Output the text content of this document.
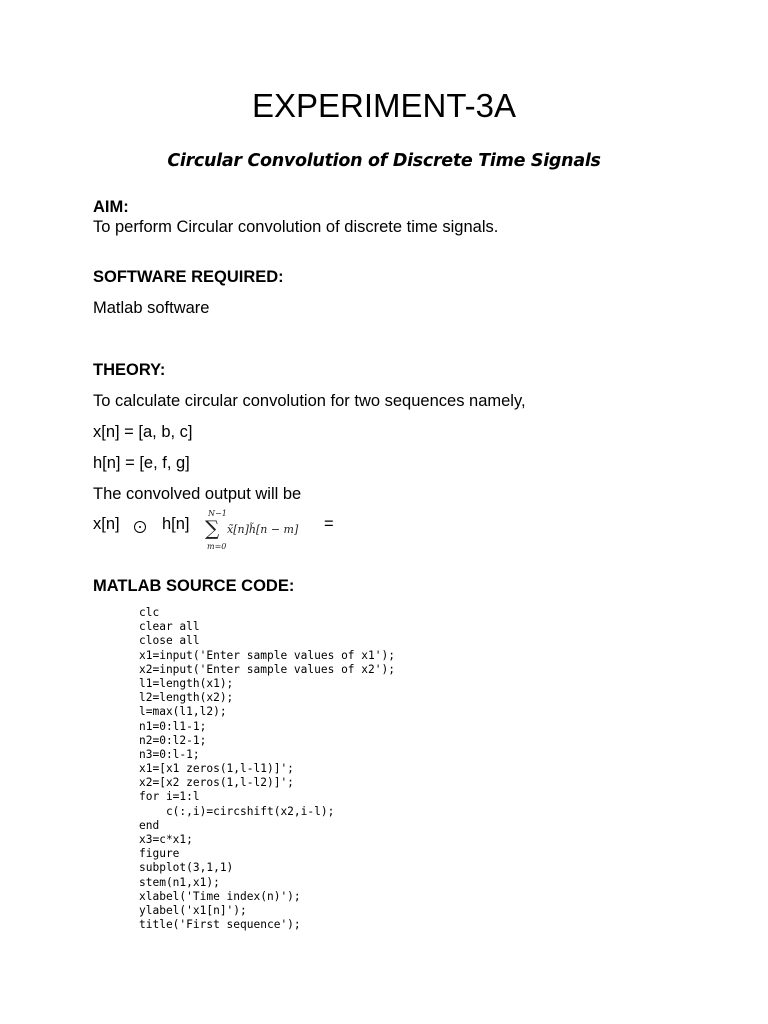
EXPERIMENT-3A
Circular Convolution of Discrete Time Signals
AIM:
To perform Circular convolution of discrete time signals.
SOFTWARE REQUIRED:
Matlab software
THEORY:
To calculate circular convolution for two sequences namely,
x[n] = [a, b, c]
h[n] = [e, f, g]
The convolved output will be
x[n]	h[n]
N−1
∑
m=0
x̃[n]h̃[n − m] =
MATLAB SOURCE CODE:
clc
clear all
close all
x1=input('Enter sample values of x1');
x2=input('Enter sample values of x2');
l1=length(x1);
l2=length(x2);
l=max(l1,l2);
n1=0:l1-1;
n2=0:l2-1;
n3=0:l-1;
x1=[x1 zeros(1,l-l1)]';
x2=[x2 zeros(1,l-l2)]';
for i=1:l
c(:,i)=circshift(x2,i-l);
end
x3=c*x1;
figure
subplot(3,1,1)
stem(n1,x1);
xlabel('Time index(n)');
ylabel('x1[n]');
title('First sequence');
